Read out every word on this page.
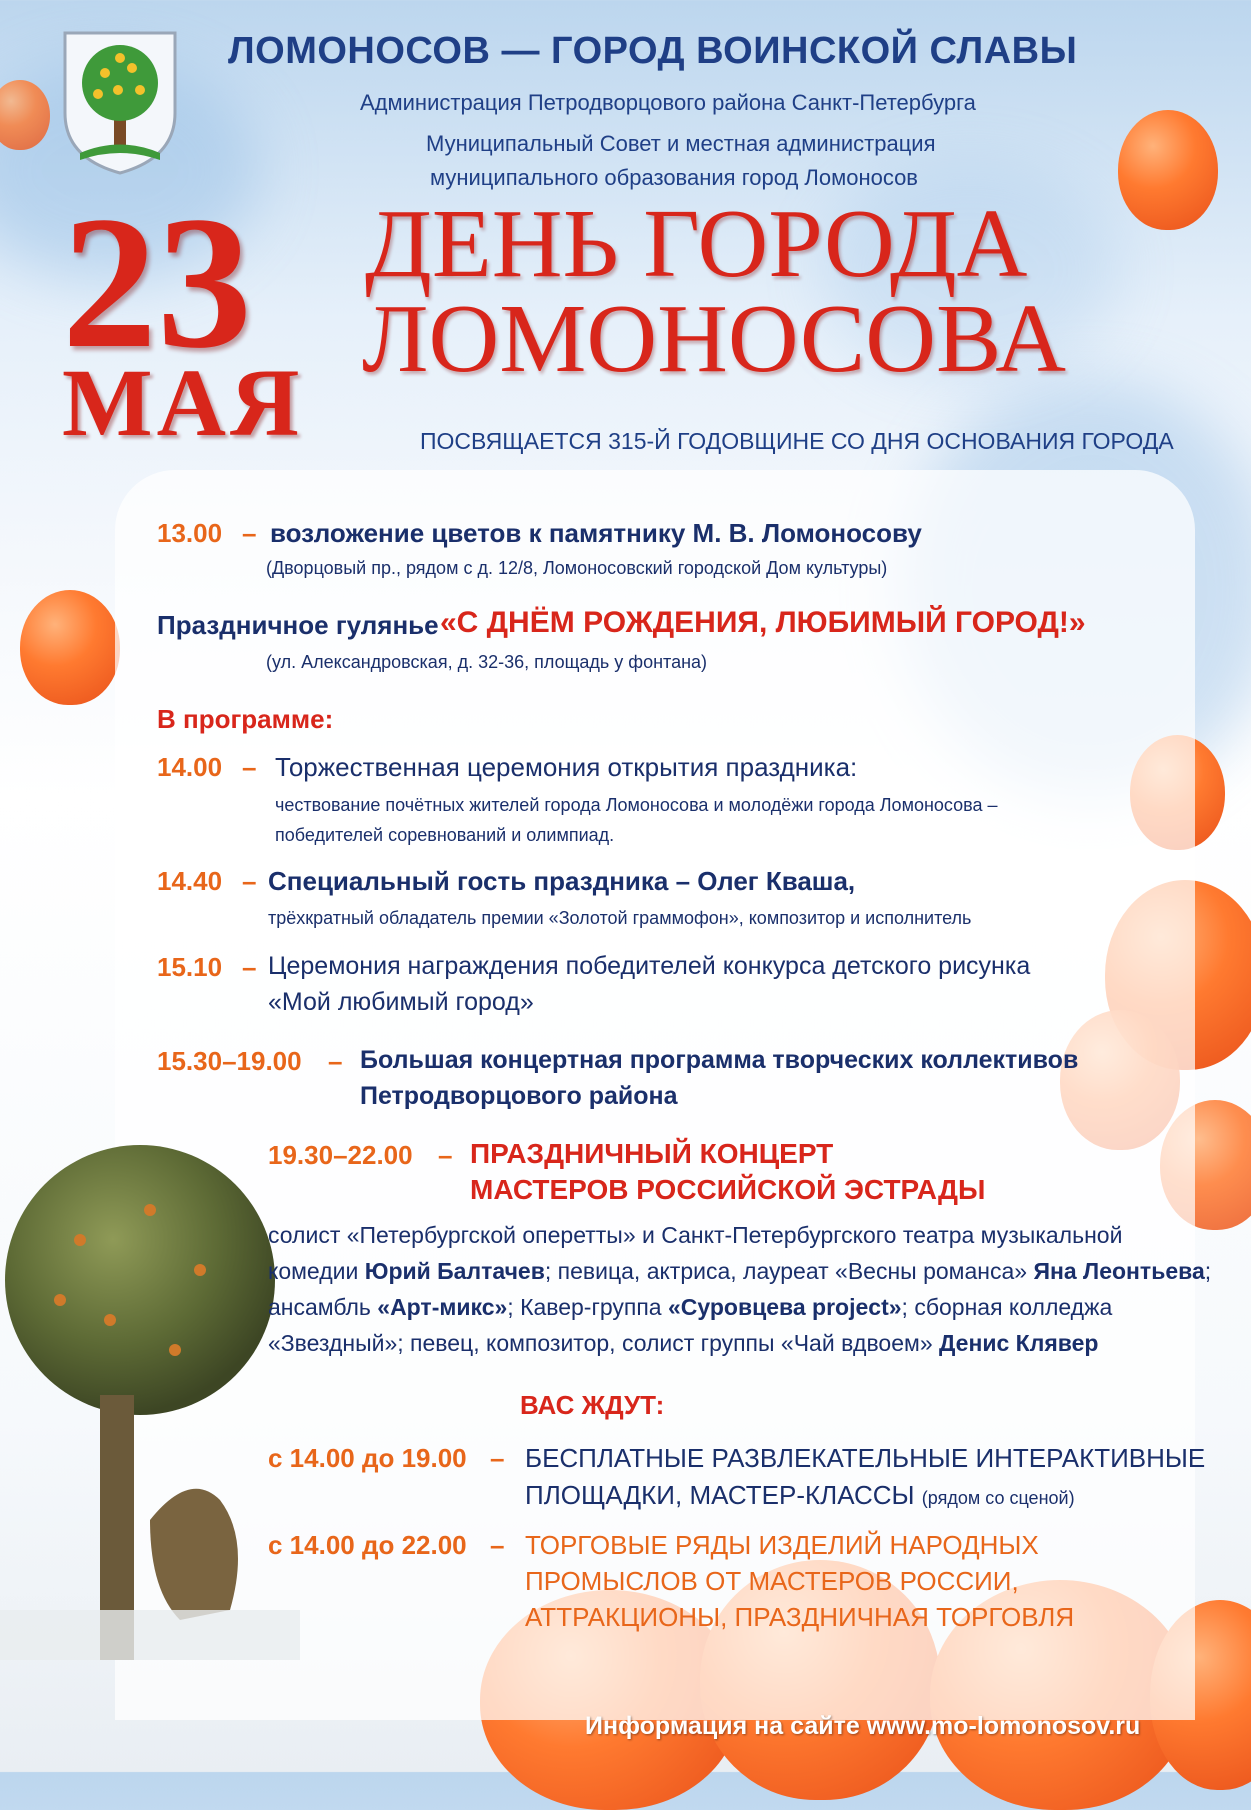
ЛОМОНОСОВ — ГОРОД ВОИНСКОЙ СЛАВЫ
Администрация Петродворцового района Санкт-Петербурга
Муниципальный Совет и местная администрация
муниципального образования город Ломоносов
23
МАЯ
ДЕНЬ ГОРОДА
ЛОМОНОСОВА
ПОСВЯЩАЕТСЯ 315-Й ГОДОВЩИНЕ СО ДНЯ ОСНОВАНИЯ ГОРОДА
13.00 – возложение цветов к памятнику М. В. Ломоносову
(Дворцовый пр., рядом с д. 12/8, Ломоносовский городской Дом культуры)
Праздничное гулянье «С ДНЁМ РОЖДЕНИЯ, ЛЮБИМЫЙ ГОРОД!»
(ул. Александровская, д. 32-36, площадь у фонтана)
В программе:
14.00 – Торжественная церемония открытия праздника:
чествование почётных жителей города Ломоносова и молодёжи города Ломоносова –
победителей соревнований и олимпиад.
14.40 – Специальный гость праздника – Олег Кваша,
трёхкратный обладатель премии «Золотой граммофон», композитор и исполнитель
15.10 – Церемония награждения победителей конкурса детского рисунка
«Мой любимый город»
15.30–19.00 – Большая концертная программа творческих коллективов
Петродворцового района
19.30–22.00 – ПРАЗДНИЧНЫЙ КОНЦЕРТ
МАСТЕРОВ РОССИЙСКОЙ ЭСТРАДЫ
солист «Петербургской оперетты» и Санкт-Петербургского театра музыкальной
комедии Юрий Балтачев; певица, актриса, лауреат «Весны романса» Яна Леонтьева;
ансамбль «Арт-микс»; Кавер-группа «Суровцева project»; сборная колледжа
«Звездный»; певец, композитор, солист группы «Чай вдвоем» Денис Клявер
ВАС ЖДУТ:
с 14.00 до 19.00 – БЕСПЛАТНЫЕ РАЗВЛЕКАТЕЛЬНЫЕ ИНТЕРАКТИВНЫЕ
ПЛОЩАДКИ, МАСТЕР-КЛАССЫ (рядом со сценой)
с 14.00 до 22.00 – ТОРГОВЫЕ РЯДЫ ИЗДЕЛИЙ НАРОДНЫХ
ПРОМЫСЛОВ ОТ МАСТЕРОВ РОССИИ,
АТТРАКЦИОНЫ, ПРАЗДНИЧНАЯ ТОРГОВЛЯ
Информация на сайте www.mo-lomonosov.ru
